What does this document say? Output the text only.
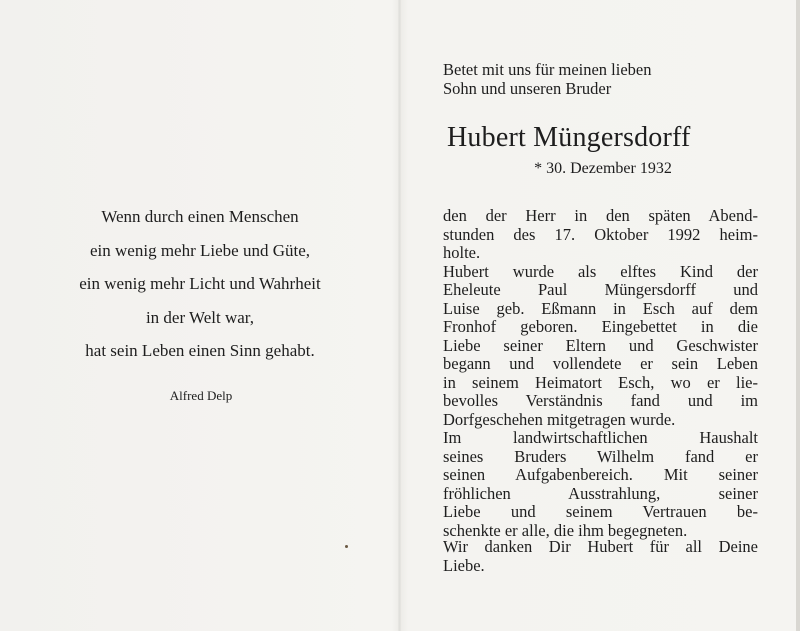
Wenn durch einen Menschen
ein wenig mehr Liebe und Güte,
ein wenig mehr Licht und Wahrheit
in der Welt war,
hat sein Leben einen Sinn gehabt.
Alfred Delp
Betet mit uns für meinen lieben
Sohn und unseren Bruder
Hubert Müngersdorff
* 30. Dezember 1932
den der Herr in den späten Abend-
stunden des 17. Oktober 1992 heim-
holte.
Hubert wurde als elftes Kind der
Eheleute Paul Müngersdorff und
Luise geb. Eßmann in Esch auf dem
Fronhof geboren. Eingebettet in die
Liebe seiner Eltern und Geschwister
begann und vollendete er sein Leben
in seinem Heimatort Esch, wo er lie-
bevolles Verständnis fand und im
Dorfgeschehen mitgetragen wurde.
Im landwirtschaftlichen Haushalt
seines Bruders Wilhelm fand er
seinen Aufgabenbereich. Mit seiner
fröhlichen Ausstrahlung, seiner
Liebe und seinem Vertrauen be-
schenkte er alle, die ihm begegneten.
Wir danken Dir Hubert für all Deine
Liebe.
